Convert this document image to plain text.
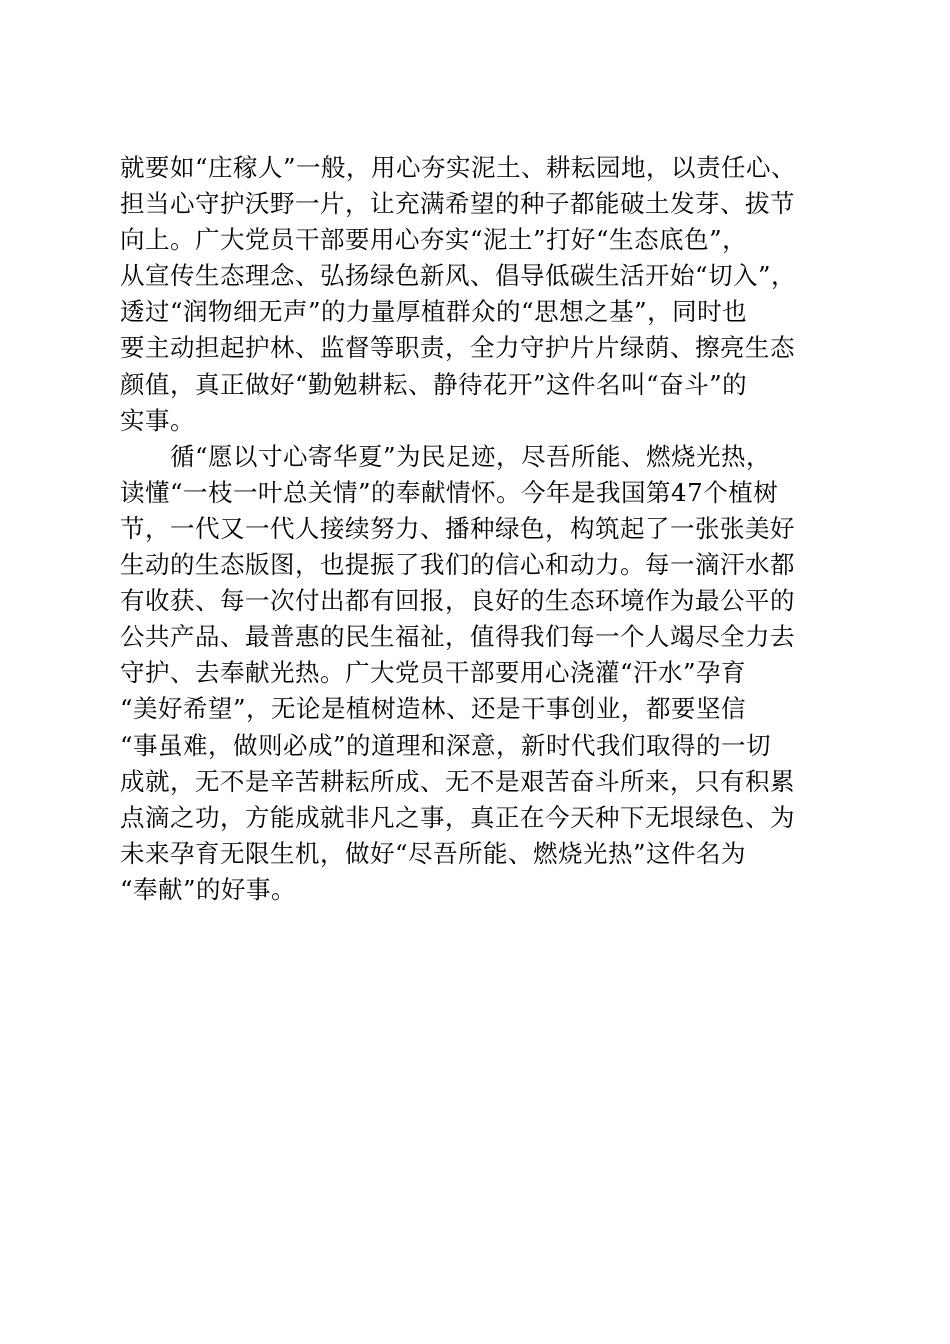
就要如“庄稼人”一般，用心夯实泥土、耕耘园地，以责任心、
担当心守护沃野一片，让充满希望的种子都能破土发芽、拔节
向上。广大党员干部要用心夯实“泥土”打好“生态底色”，
从宣传生态理念、弘扬绿色新风、倡导低碳生活开始“切入”，
透过“润物细无声”的力量厚植群众的“思想之基”，同时也
要主动担起护林、监督等职责，全力守护片片绿荫、擦亮生态
颜值，真正做好“勤勉耕耘、静待花开”这件名叫“奋斗”的
实事。
　　循“愿以寸心寄华夏”为民足迹，尽吾所能、燃烧光热，
读懂“一枝一叶总关情”的奉献情怀。今年是我国第47个植树
节，一代又一代人接续努力、播种绿色，构筑起了一张张美好
生动的生态版图，也提振了我们的信心和动力。每一滴汗水都
有收获、每一次付出都有回报，良好的生态环境作为最公平的
公共产品、最普惠的民生福祉，值得我们每一个人竭尽全力去
守护、去奉献光热。广大党员干部要用心浇灌“汗水”孕育
“美好希望”，无论是植树造林、还是干事创业，都要坚信
“事虽难，做则必成”的道理和深意，新时代我们取得的一切
成就，无不是辛苦耕耘所成、无不是艰苦奋斗所来，只有积累
点滴之功，方能成就非凡之事，真正在今天种下无垠绿色、为
未来孕育无限生机，做好“尽吾所能、燃烧光热”这件名为
“奉献”的好事。
